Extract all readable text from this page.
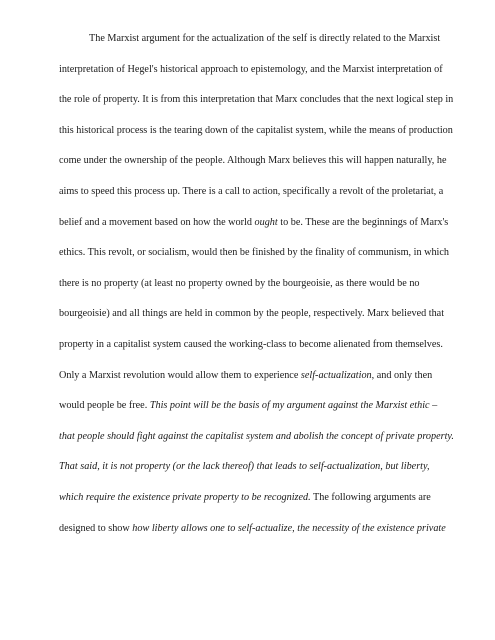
The Marxist argument for the actualization of the self is directly related to the Marxist
interpretation of Hegel's historical approach to epistemology, and the Marxist interpretation of
the role of property. It is from this interpretation that Marx concludes that the next logical step in
this historical process is the tearing down of the capitalist system, while the means of production
come under the ownership of the people. Although Marx believes this will happen naturally, he
aims to speed this process up. There is a call to action, specifically a revolt of the proletariat, a
belief and a movement based on how the world ought to be. These are the beginnings of Marx's
ethics. This revolt, or socialism, would then be finished by the finality of communism, in which
there is no property (at least no property owned by the bourgeoisie, as there would be no
bourgeoisie) and all things are held in common by the people, respectively. Marx believed that
property in a capitalist system caused the working-class to become alienated from themselves.
Only a Marxist revolution would allow them to experience self-actualization, and only then
would people be free. This point will be the basis of my argument against the Marxist ethic –
that people should fight against the capitalist system and abolish the concept of private property.
That said, it is not property (or the lack thereof) that leads to self-actualization, but liberty,
which require the existence private property to be recognized. The following arguments are
designed to show how liberty allows one to self-actualize, the necessity of the existence private
